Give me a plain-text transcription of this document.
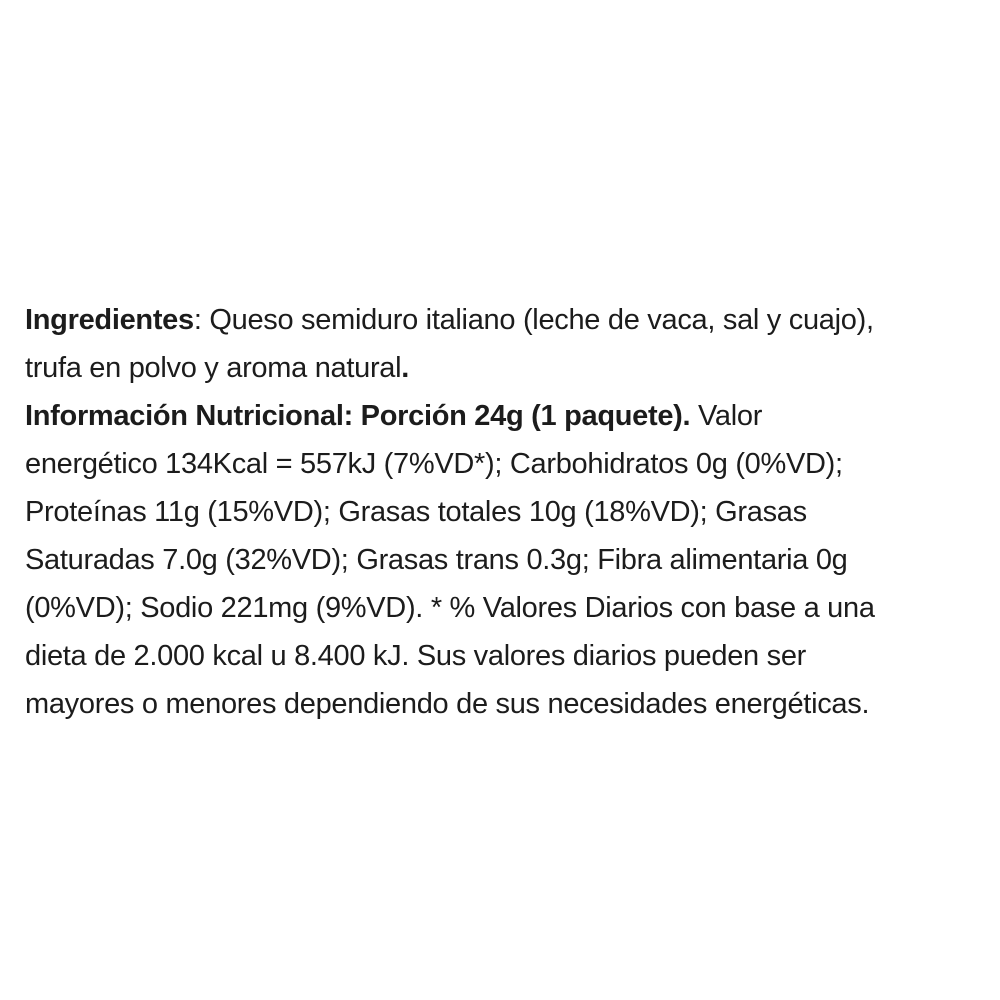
Ingredientes: Queso semiduro italiano (leche de vaca, sal y cuajo),
trufa en polvo y aroma natural.

Información Nutricional: Porción 24g (1 paquete). Valor
energético 134Kcal = 557kJ (7%VD*); Carbohidratos 0g (0%VD);
Proteínas 11g (15%VD); Grasas totales 10g (18%VD); Grasas
Saturadas 7.0g (32%VD); Grasas trans 0.3g; Fibra alimentaria 0g
(0%VD); Sodio 221mg (9%VD). * % Valores Diarios con base a una
dieta de 2.000 kcal u 8.400 kJ. Sus valores diarios pueden ser
mayores o menores dependiendo de sus necesidades energéticas.
